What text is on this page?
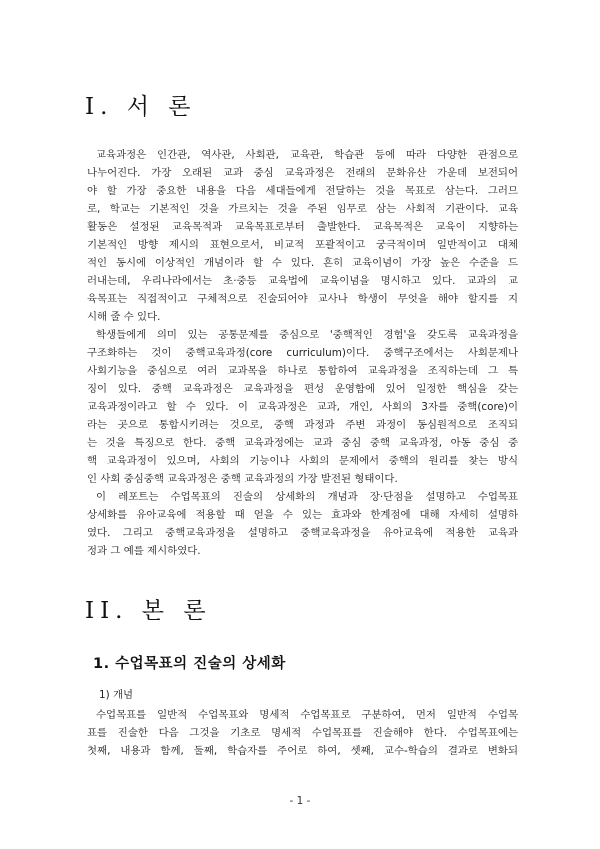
I. 서 론
교육과정은 인간관, 역사관, 사회관, 교육관, 학습관 등에 따라 다양한 관점으로
나누어진다. 가장 오래된 교과 중심 교육과정은 전래의 문화유산 가운데 보전되어
야 할 가장 중요한 내용을 다음 세대들에게 전달하는 것을 목표로 삼는다. 그러므
로, 학교는 기본적인 것을 가르치는 것을 주된 임무로 삼는 사회적 기관이다. 교육
활동은 설정된 교육목적과 교육목표로부터 출발한다. 교육목적은 교육이 지향하는
기본적인 방향 제시의 표현으로서, 비교적 포괄적이고 궁극적이며 일반적이고 대체
적인 동시에 이상적인 개념이라 할 수 있다. 흔히 교육이념이 가장 높은 수준을 드
러내는데, 우리나라에서는 초·중등 교육법에 교육이념을 명시하고 있다. 교과의 교
육목표는 직접적이고 구체적으로 진술되어야 교사나 학생이 무엇을 해야 할지를 지
시해 줄 수 있다.
학생들에게 의미 있는 공통문제를 중심으로 '중핵적인 경험'을 갖도록 교육과정을
구조화하는 것이 중핵교육과정(core curriculum)이다. 중핵구조에서는 사회문제나
사회기능을 중심으로 여러 교과목을 하나로 통합하여 교육과정을 조직하는데 그 특
징이 있다. 중핵 교육과정은 교육과정을 편성 운영함에 있어 일정한 핵심을 갖는
교육과정이라고 할 수 있다. 이 교육과정은 교과, 개인, 사회의 3자를 중핵(core)이
라는 곳으로 통합시키려는 것으로, 중핵 과정과 주변 과정이 동심원적으로 조직되
는 것을 특징으로 한다. 중핵 교육과정에는 교과 중심 중핵 교육과정, 아동 중심 중
핵 교육과정이 있으며, 사회의 기능이나 사회의 문제에서 중핵의 원리를 찾는 방식
인 사회 중심중핵 교육과정은 중핵 교육과정의 가장 발전된 형태이다.
이 레포트는 수업목표의 진술의 상세화의 개념과 장·단점을 설명하고 수업목표
상세화를 유아교육에 적용할 때 얻을 수 있는 효과와 한계점에 대해 자세히 설명하
였다. 그리고 중핵교육과정을 설명하고 중핵교육과정을 유아교육에 적용한 교육과
정과 그 예를 제시하였다.
II. 본 론
1. 수업목표의 진술의 상세화

1) 개념

수업목표를 일반적 수업목표와 명세적 수업목표로 구분하여, 먼저 일반적 수업목
표를 진술한 다음 그것을 기초로 명세적 수업목표를 진술해야 한다. 수업목표에는
첫째, 내용과 함께, 둘째, 학습자를 주어로 하여, 셋째, 교수-학습의 결과로 변화되

- 1 -
